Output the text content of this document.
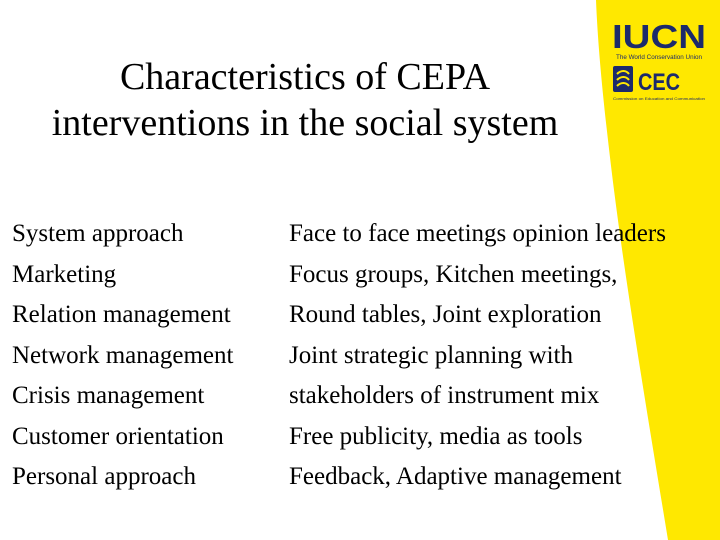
IUCN
The World Conservation Union
CEC
Commission on Education and Communication
Characteristics of CEPA
interventions in the social system
System approach
Marketing
Relation management
Network management
Crisis management
Customer orientation
Personal approach
Face to face meetings opinion leaders
Focus groups, Kitchen meetings,
Round tables, Joint exploration
Joint strategic planning with
stakeholders of instrument mix
Free publicity, media as tools
Feedback, Adaptive management
